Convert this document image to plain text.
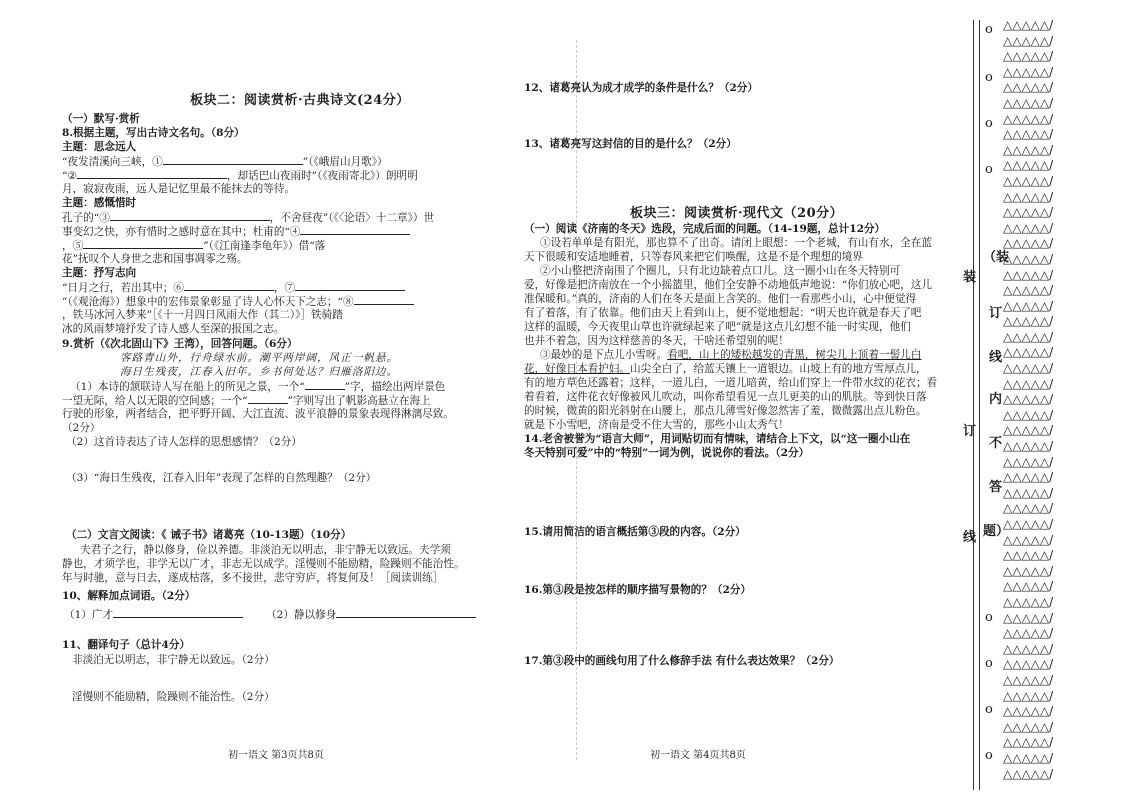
板块二：阅读赏析·古典诗文(24分）
（一）默写·赏析
8.根据主题，写出古诗文名句。（8分）
主题：思念远人
“夜发清溪向三峡，①	”（《峨眉山月歌》）
“②	，却话巴山夜雨时”（《夜雨寄北》）朗明明
月，寂寂夜雨，远人是记忆里最不能抹去的等待。
主题：感慨惜时
孔子的“③	，不舍昼夜”（《〈论语〉十二章》）世
事变幻之快，亦有惜时之感时意在其中；杜甫的“④
，⑤	”（《江南逢李龟年》）借“落
花”抚叹个人身世之悲和国事凋零之殇。
主题：抒写志向
“日月之行，若出其中；⑥	，⑦
”（《观沧海》）想象中的宏伟景象彰显了诗人心怀天下之志；“⑧
，铁马冰河入梦来”［《十一月四日风雨大作（其二）》］铁骑踏
冰的风雨梦境抒发了诗人感人至深的报国之志。
9.赏析（《次北固山下》王湾），回答问题。（6分）
客路青山外，行舟绿水前。潮平两岸阔，风正一帆悬。
海日生残夜，江春入旧年。乡书何处达？归雁洛阳边。
（1）本诗的颔联诗人写在船上的所见之景，一个“	”字，描绘出两岸景色
一望无际，给人以无限的空间感；一个“	”字则写出了帆影高悬立在海上
行驶的形象，两者结合，把平野开阔、大江直流、波平浪静的景象表现得淋漓尽致。
（2分）
（2）这首诗表达了诗人怎样的思想感情？（2分）
（3）“海日生残夜，江春入旧年”表现了怎样的自然理趣？（2分）
（二）文言文阅读：《 诫子书》诸葛亮（10-13题）（10分）
夫君子之行，静以修身，俭以养德。非淡泊无以明志，非宁静无以致远。夫学须
静也，才须学也，非学无以广才，非志无以成学。淫慢则不能励精，险躁则不能治性。
年与时驰，意与日去，遂成枯落，多不接世，悲守穷庐，将复何及！［阅读训练］
10、解释加点词语。（2分）
（1）广才	（2）静以修身
11、翻译句子（总计4分）
非淡泊无以明志，非宁静无以致远。（2分）
淫慢则不能励精，险躁则不能治性。（2分）
初一语文 第3页共8页
12、诸葛亮认为成才成学的条件是什么？（2分）
13、诸葛亮写这封信的目的是什么？（2分）
板块三：阅读赏析·现代文（20分）
（一）阅读《济南的冬天》选段，完成后面的问题。（14-19题，总计12分）
①设若单单是有阳光，那也算不了出奇。请闭上眼想：一个老城，有山有水，全在蓝
天下很暖和安适地睡着，只等春风来把它们唤醒，这是不是个理想的境界
②小山整把济南围了个圈儿，只有北边缺着点口儿。这一圈小山在冬天特别可
爱，好像是把济南放在一个小摇篮里，他们全安静不动地低声地说：“你们放心吧，这儿
准保暖和。”真的，济南的人们在冬天是面上含笑的。他们一看那些小山，心中便觉得
有了着落，有了依靠。他们由天上看到山上，便不觉地想起：“明天也许就是春天了吧
这样的温暖，今天夜里山草也许就绿起来了吧”就是这点儿幻想不能一时实现，他们
也并不着急，因为这样慈善的冬天，干啥还希望别的呢！
③最妙的是下点儿小雪呀。看吧，山上的矮松越发的青黑，树尖儿上顶着一髻儿白
花，好像日本看护妇。山尖全白了，给蓝天镶上一道银边。山坡上有的地方雪厚点儿，
有的地方草色还露着；这样，一道儿白，一道儿暗黄，给山们穿上一件带水纹的花衣；看
着看着，这件花衣好像被风儿吹动，叫你希望看见一点儿更美的山的肌肤。等到快日落
的时候，微黄的阳光斜射在山腰上，那点儿薄雪好像忽然害了羞，微微露出点儿粉色。
就是下小雪吧，济南是受不住大雪的，那些小山太秀气！
14.老舍被誉为“语言大师”，用词贴切而有情味，请结合上下文，以“这一圈小山在
冬天特别可爱”中的“特别”一词为例，说说你的看法。（2分）
15.请用简洁的语言概括第③段的内容。（2分）
16.第③段是按怎样的顺序描写景物的？（2分）
17.第③段中的画线句用了什么修辞手法 有什么表达效果？（2分）
初一语文 第4页共8页
装
订
线
o
o
o
o
o
o
o
o
（装
订
线
内
不
答
题）
△△△△△/
△△△△△/
△△△△△/
△△△△△/
△△△△△/
△△△△△/
△△△△△/
△△△△△/
△△△△△/
△△△△△/
△△△△△/
△△△△△/
△△△△△/
△△△△△/
△△△△△/
△△△△△/
△△△△△/
△△△△△/
△△△△△/
△△△△△/
△△△△△/
△△△△△/
△△△△△/
△△△△△/
△△△△△/
△△△△△/
△△△△△/
△△△△△/
△△△△△/
△△△△△/
△△△△△/
△△△△△/
△△△△△/
△△△△△/
△△△△△/
△△△△△/
△△△△△/
△△△△△/
△△△△△/
△△△△△/
△△△△△/
△△△△△/
△△△△△/
△△△△△/
△△△△△/
△△△△△/
△△△△△/
△△△△△/
△△△△△/
